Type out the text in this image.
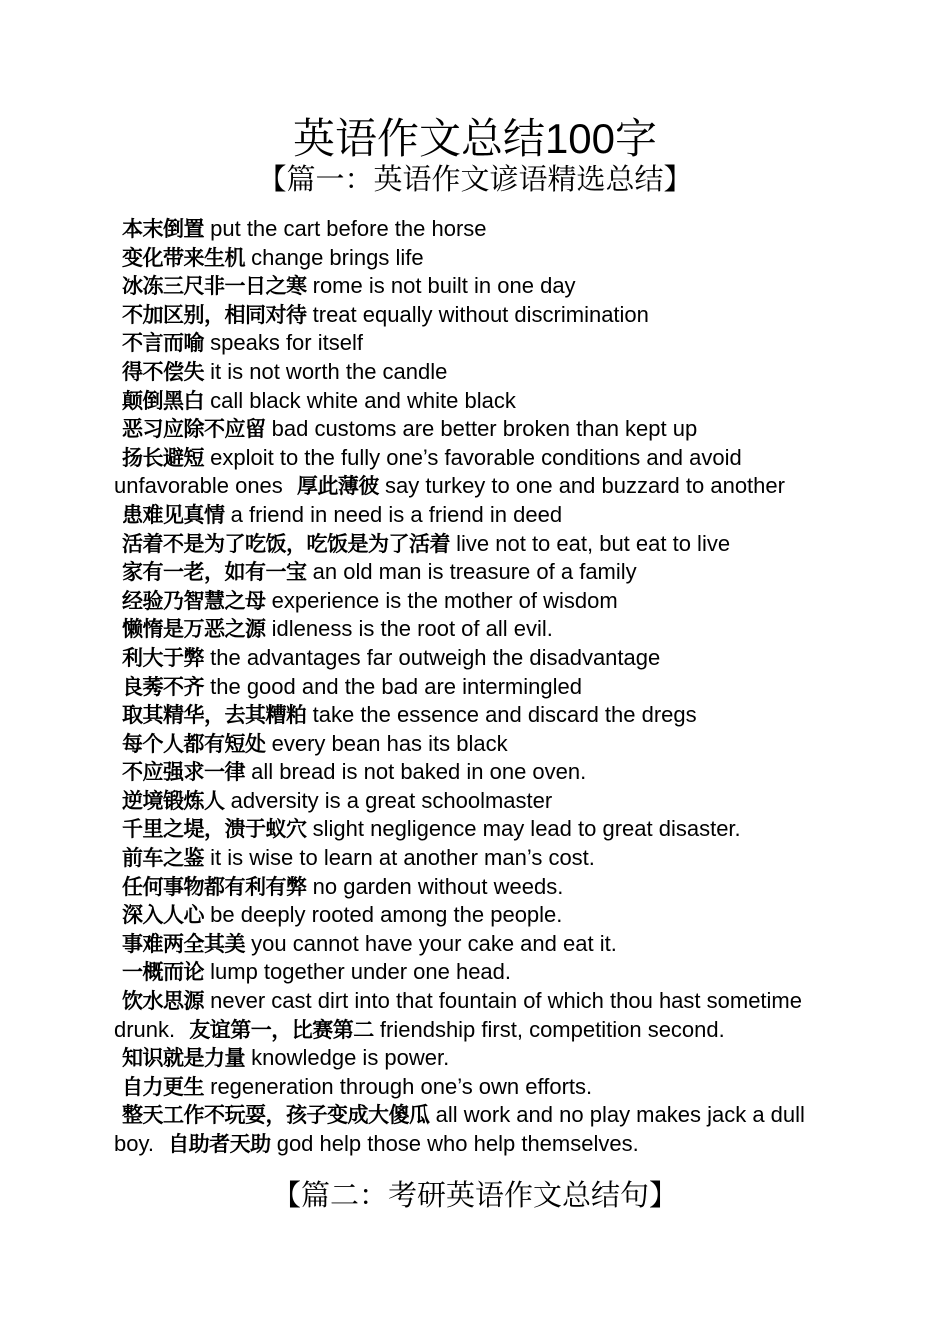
英语作文总结100字
【篇一：英语作文谚语精选总结】

本末倒置 put the cart before the horse

变化带来生机 change brings life

冰冻三尺非一日之寒 rome is not built in one day

不加区别，相同对待 treat equally without discrimination

不言而喻 speaks for itself

得不偿失 it is not worth the candle

颠倒黑白 call black white and white black

恶习应除不应留 bad customs are better broken than kept up

扬长避短 exploit to the fully one’s favorable conditions and avoid unfavorable ones 厚此薄彼 say turkey to one and buzzard to another

患难见真情 a friend in need is a friend in deed

活着不是为了吃饭，吃饭是为了活着 live not to eat, but eat to live

家有一老，如有一宝 an old man is treasure of a family

经验乃智慧之母 experience is the mother of wisdom

懒惰是万恶之源 idleness is the root of all evil.

利大于弊 the advantages far outweigh the disadvantage

良莠不齐 the good and the bad are intermingled

取其精华，去其糟粕 take the essence and discard the dregs

每个人都有短处 every bean has its black

不应强求一律 all bread is not baked in one oven.

逆境锻炼人 adversity is a great schoolmaster

千里之堤，溃于蚁穴 slight negligence may lead to great disaster.

前车之鉴 it is wise to learn at another man’s cost.

任何事物都有利有弊 no garden without weeds.

深入人心 be deeply rooted among the people.

事难两全其美 you cannot have your cake and eat it.

一概而论 lump together under one head.

饮水思源 never cast dirt into that fountain of which thou hast sometime drunk. 友谊第一，比赛第二 friendship first, competition second.

知识就是力量 knowledge is power.

自力更生 regeneration through one’s own efforts.

整天工作不玩耍，孩子变成大傻瓜 all work and no play makes jack a dull boy. 自助者天助 god help those who help themselves.

【篇二：考研英语作文总结句】
